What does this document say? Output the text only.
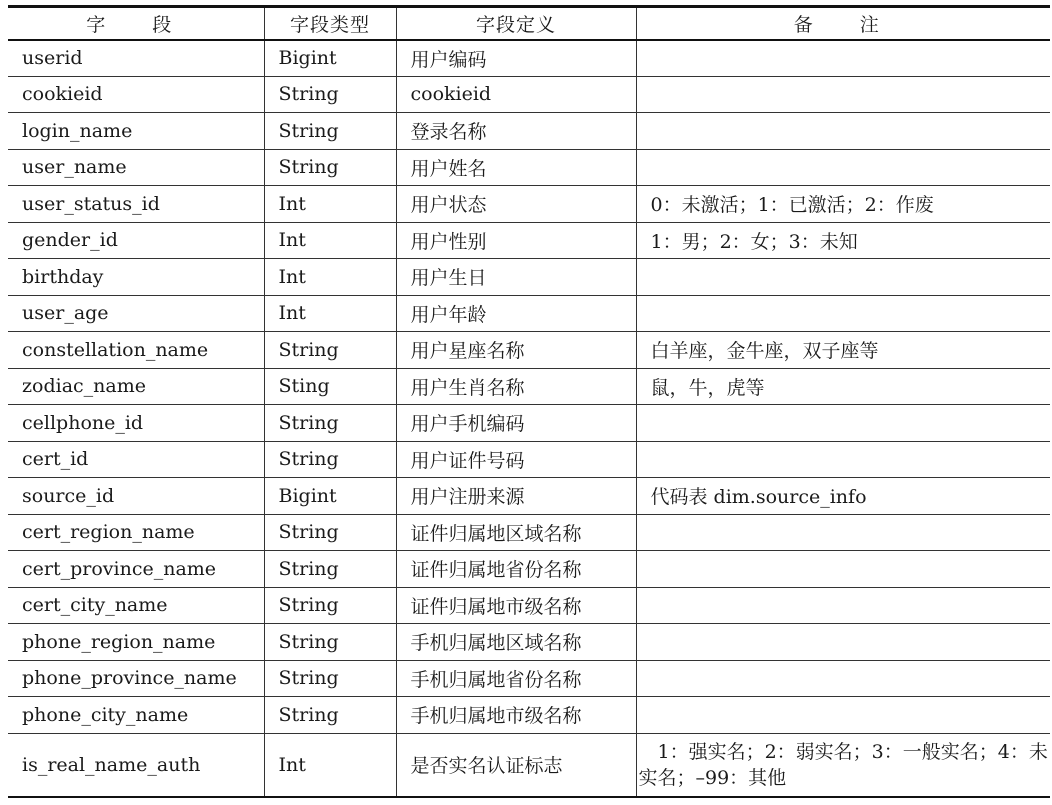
字　段	字段类型	字段定义	备　注
userid	Bigint	用户编码	
cookieid	String	cookieid	
login_name	String	登录名称	
user_name	String	用户姓名	
user_status_id	Int	用户状态	0：未激活；1：已激活；2：作废
gender_id	Int	用户性别	1：男；2：女；3：未知
birthday	Int	用户生日	
user_age	Int	用户年龄	
constellation_name	String	用户星座名称	白羊座，金牛座，双子座等
zodiac_name	Sting	用户生肖名称	鼠，牛，虎等
cellphone_id	String	用户手机编码	
cert_id	String	用户证件号码	
source_id	Bigint	用户注册来源	代码表 dim.source_info
cert_region_name	String	证件归属地区域名称	
cert_province_name	String	证件归属地省份名称	
cert_city_name	String	证件归属地市级名称	
phone_region_name	String	手机归属地区域名称	
phone_province_name	String	手机归属地省份名称	
phone_city_name	String	手机归属地市级名称	
is_real_name_auth	Int	是否实名认证标志	　1：强实名；2：弱实名；3：一般实名；4：未实名；–99：其他
